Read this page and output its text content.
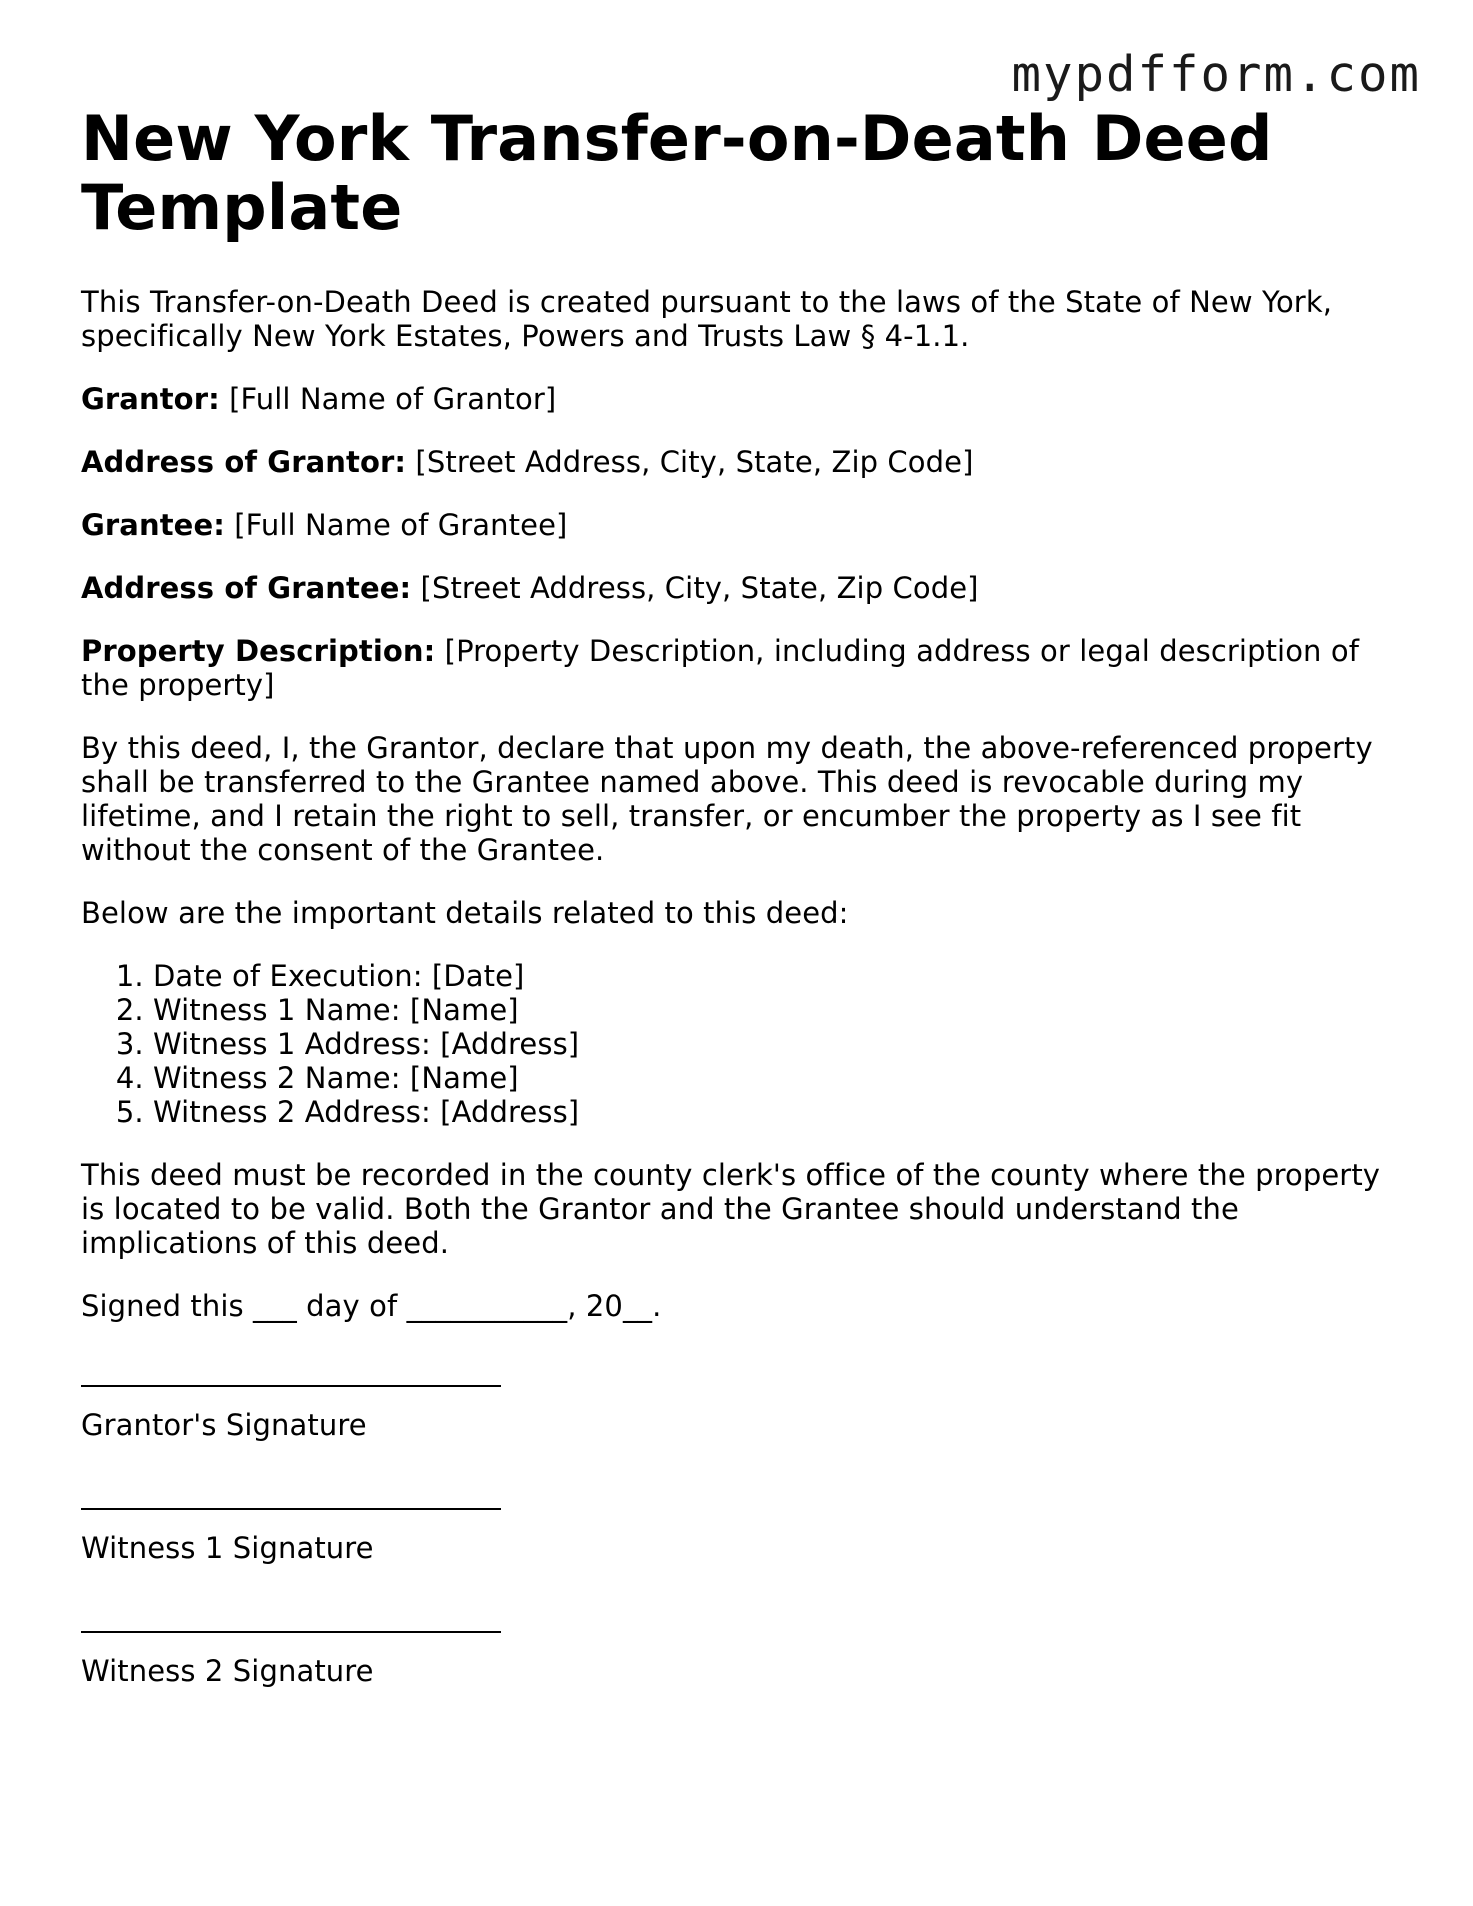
mypdfform.com
New York Transfer-on-Death Deed Template

This Transfer-on-Death Deed is created pursuant to the laws of the State of New York, specifically New York Estates, Powers and Trusts Law § 4-1.1.

Grantor: [Full Name of Grantor]

Address of Grantor: [Street Address, City, State, Zip Code]

Grantee: [Full Name of Grantee]

Address of Grantee: [Street Address, City, State, Zip Code]

Property Description: [Property Description, including address or legal description of the property]

By this deed, I, the Grantor, declare that upon my death, the above-referenced property shall be transferred to the Grantee named above. This deed is revocable during my lifetime, and I retain the right to sell, transfer, or encumber the property as I see fit without the consent of the Grantee.

Below are the important details related to this deed:

1. Date of Execution: [Date]
2. Witness 1 Name: [Name]
3. Witness 1 Address: [Address]
4. Witness 2 Name: [Name]
5. Witness 2 Address: [Address]

This deed must be recorded in the county clerk's office of the county where the property is located to be valid. Both the Grantor and the Grantee should understand the implications of this deed.

Signed this ___ day of ___________, 20__.

Grantor's Signature

Witness 1 Signature

Witness 2 Signature
